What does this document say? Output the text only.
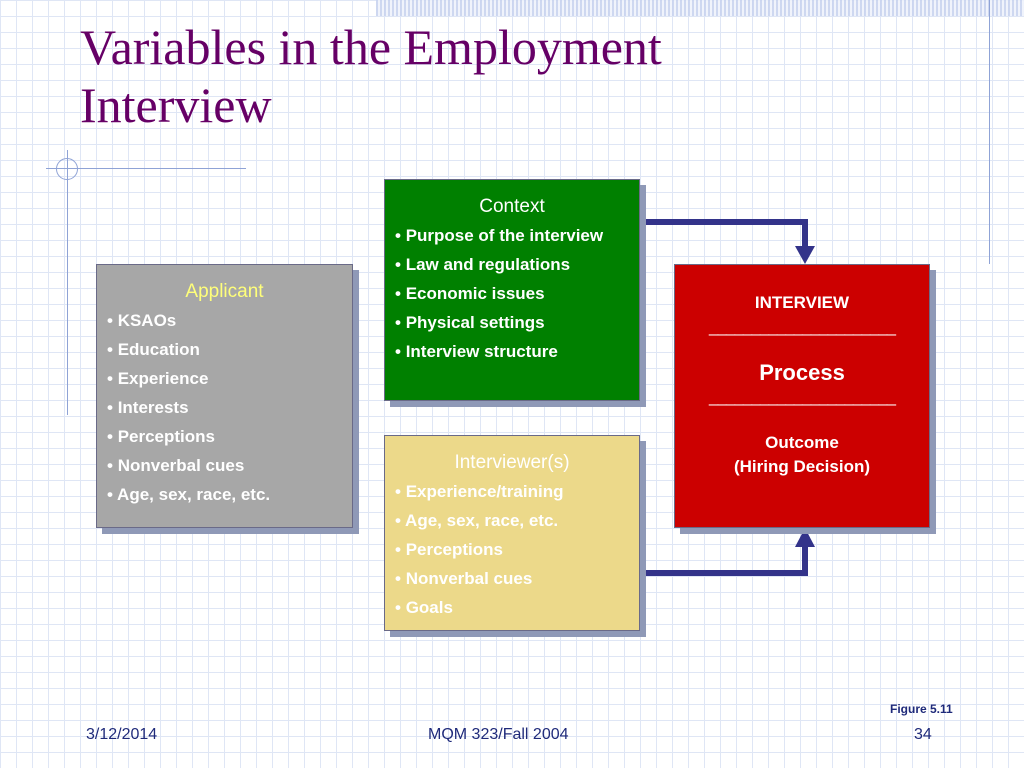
Variables in the Employment
Interview
Applicant
• KSAOs
• Education
• Experience
• Interests
• Perceptions
• Nonverbal cues
• Age, sex, race, etc.
Context
• Purpose of the interview
• Law and regulations
• Economic issues
• Physical settings
• Interview structure
Interviewer(s)
• Experience/training
• Age, sex, race, etc.
• Perceptions
• Nonverbal cues
• Goals
INTERVIEW
______________________
Process
______________________
Outcome
(Hiring Decision)
Figure 5.11
3/12/2014	MQM 323/Fall 2004	34
